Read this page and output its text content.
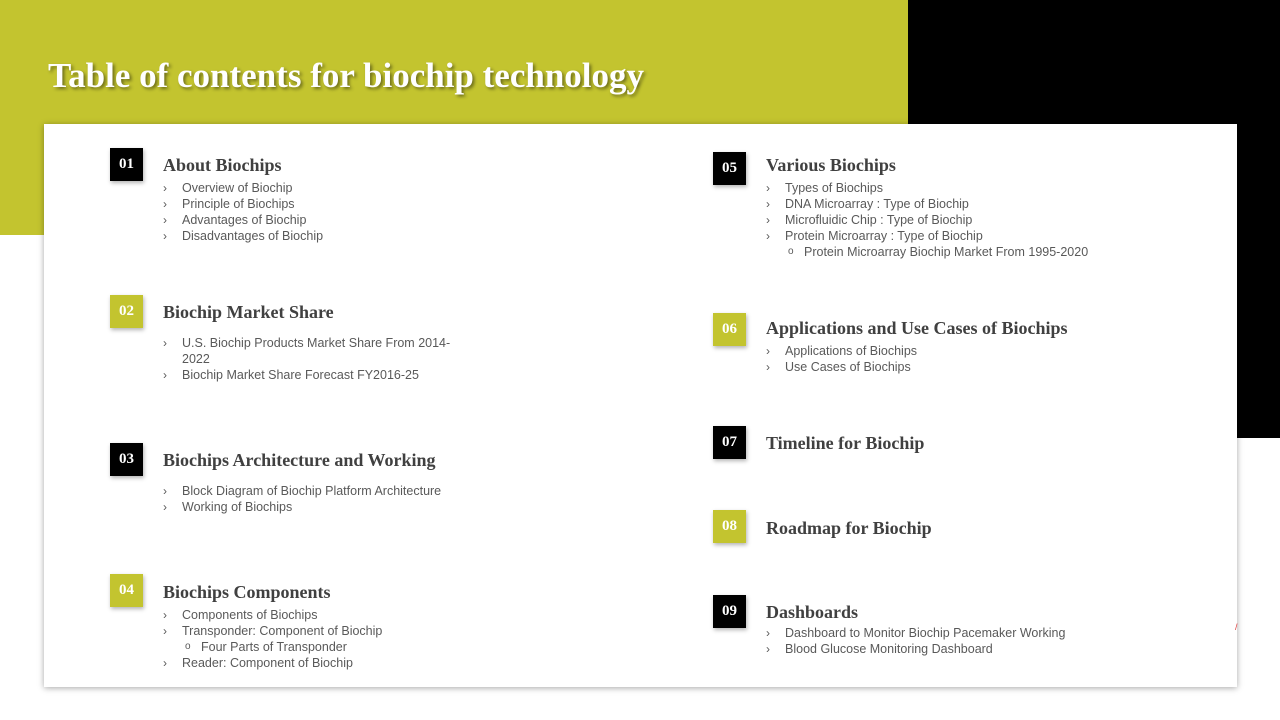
Table of contents for biochip technology
01	About Biochips
› Overview of Biochip
› Principle of Biochips
› Advantages of Biochip
› Disadvantages of Biochip
02	Biochip Market Share
› U.S. Biochip Products Market Share From 2014-2022
› Biochip Market Share Forecast FY2016-25
03	Biochips Architecture and Working
› Block Diagram of Biochip Platform Architecture
› Working of Biochips
04	Biochips Components
› Components of Biochips
› Transponder: Component of Biochip
o Four Parts of Transponder
› Reader: Component of Biochip
05	Various Biochips
› Types of Biochips
› DNA Microarray : Type of Biochip
› Microfluidic Chip : Type of Biochip
› Protein Microarray : Type of Biochip
o Protein Microarray Biochip Market From 1995-2020
06	Applications and Use Cases of Biochips
› Applications of Biochips
› Use Cases of Biochips
07	Timeline for Biochip
08	Roadmap for Biochip
09	Dashboards
› Dashboard to Monitor Biochip Pacemaker Working
› Blood Glucose Monitoring Dashboard
/
